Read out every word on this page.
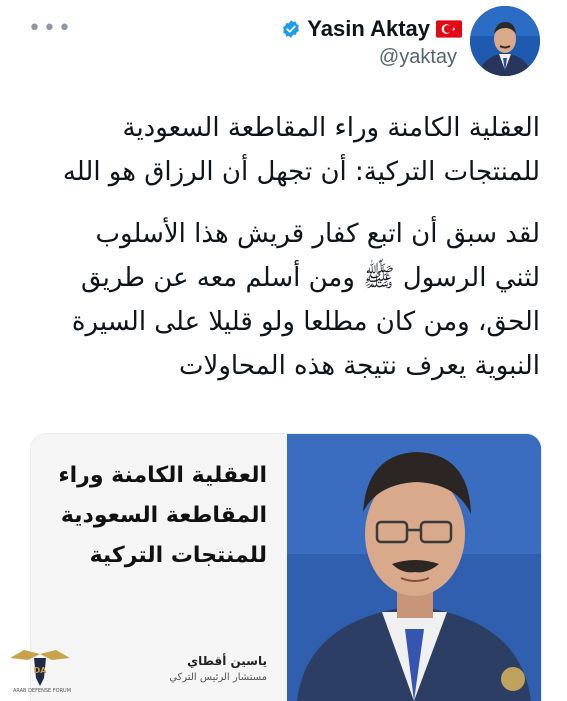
•••	Yasin Aktay
@yaktay
العقلية الكامنة وراء المقاطعة السعودية للمنتجات التركية: أن تجهل أن الرزاق هو الله
لقد سبق أن اتبع كفار قريش هذا الأسلوب لثني الرسول ﷺ ومن أسلم معه عن طريق الحق، ومن كان مطلعا ولو قليلا على السيرة النبوية يعرف نتيجة هذه المحاولات
العقلية الكامنة وراء المقاطعة السعودية للمنتجات التركية
ياسين أقطاي
مستشار الرئيس التركي
DA
ARAB DEFENSE FORUM
